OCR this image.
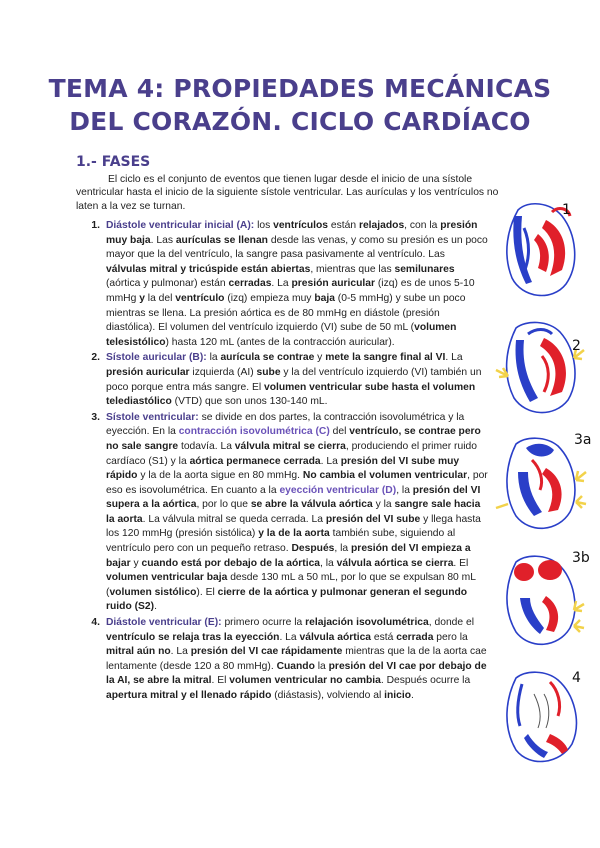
TEMA 4: PROPIEDADES MECÁNICAS
DEL CORAZÓN. CICLO CARDÍACO
1.- FASES

El ciclo es el conjunto de eventos que tienen lugar desde el inicio de una sístole ventricular hasta el inicio de la siguiente sístole ventricular. Las aurículas y los ventrículos no laten a la vez se turnan.

1. Diástole ventricular inicial (A): los ventrículos están relajados, con la presión muy baja. Las aurículas se llenan desde las venas, y como su presión es un poco mayor que la del ventrículo, la sangre pasa pasivamente al ventrículo. Las válvulas mitral y tricúspide están abiertas, mientras que las semilunares (aórtica y pulmonar) están cerradas. La presión auricular (izq) es de unos 5-10 mmHg y la del ventrículo (izq) empieza muy baja (0-5 mmHg) y sube un poco mientras se llena. La presión aórtica es de 80 mmHg en diástole (presión diastólica). El volumen del ventrículo izquierdo (VI) sube de 50 mL (volumen telesistólico) hasta 120 mL (antes de la contracción auricular).
2. Sístole auricular (B): la aurícula se contrae y mete la sangre final al VI. La presión auricular izquierda (AI) sube y la del ventrículo izquierdo (VI) también un poco porque entra más sangre. El volumen ventricular sube hasta el volumen telediastólico (VTD) que son unos 130-140 mL.
3. Sístole ventricular: se divide en dos partes, la contracción isovolumétrica y la eyección. En la contracción isovolumétrica (C) del ventrículo, se contrae pero no sale sangre todavía. La válvula mitral se cierra, produciendo el primer ruido cardíaco (S1) y la aórtica permanece cerrada. La presión del VI sube muy rápido y la de la aorta sigue en 80 mmHg. No cambia el volumen ventricular, por eso es isovolumétrica. En cuanto a la eyección ventricular (D), la presión del VI supera a la aórtica, por lo que se abre la válvula aórtica y la sangre sale hacia la aorta. La válvula mitral se queda cerrada. La presión del VI sube y llega hasta los 120 mmHg (presión sistólica) y la de la aorta también sube, siguiendo al ventrículo pero con un pequeño retraso. Después, la presión del VI empieza a bajar y cuando está por debajo de la aórtica, la válvula aórtica se cierra. El volumen ventricular baja desde 130 mL a 50 mL, por lo que se expulsan 80 mL (volumen sistólico). El cierre de la aórtica y pulmonar generan el segundo ruido (S2).
4. Diástole ventricular (E): primero ocurre la relajación isovolumétrica, donde el ventrículo se relaja tras la eyección. La válvula aórtica está cerrada pero la mitral aún no. La presión del VI cae rápidamente mientras que la de la aorta cae lentamente (desde 120 a 80 mmHg). Cuando la presión del VI cae por debajo de la AI, se abre la mitral. El volumen ventricular no cambia. Después ocurre la apertura mitral y el llenado rápido (diástasis), volviendo al inicio.
1
2
3a
3b
4
